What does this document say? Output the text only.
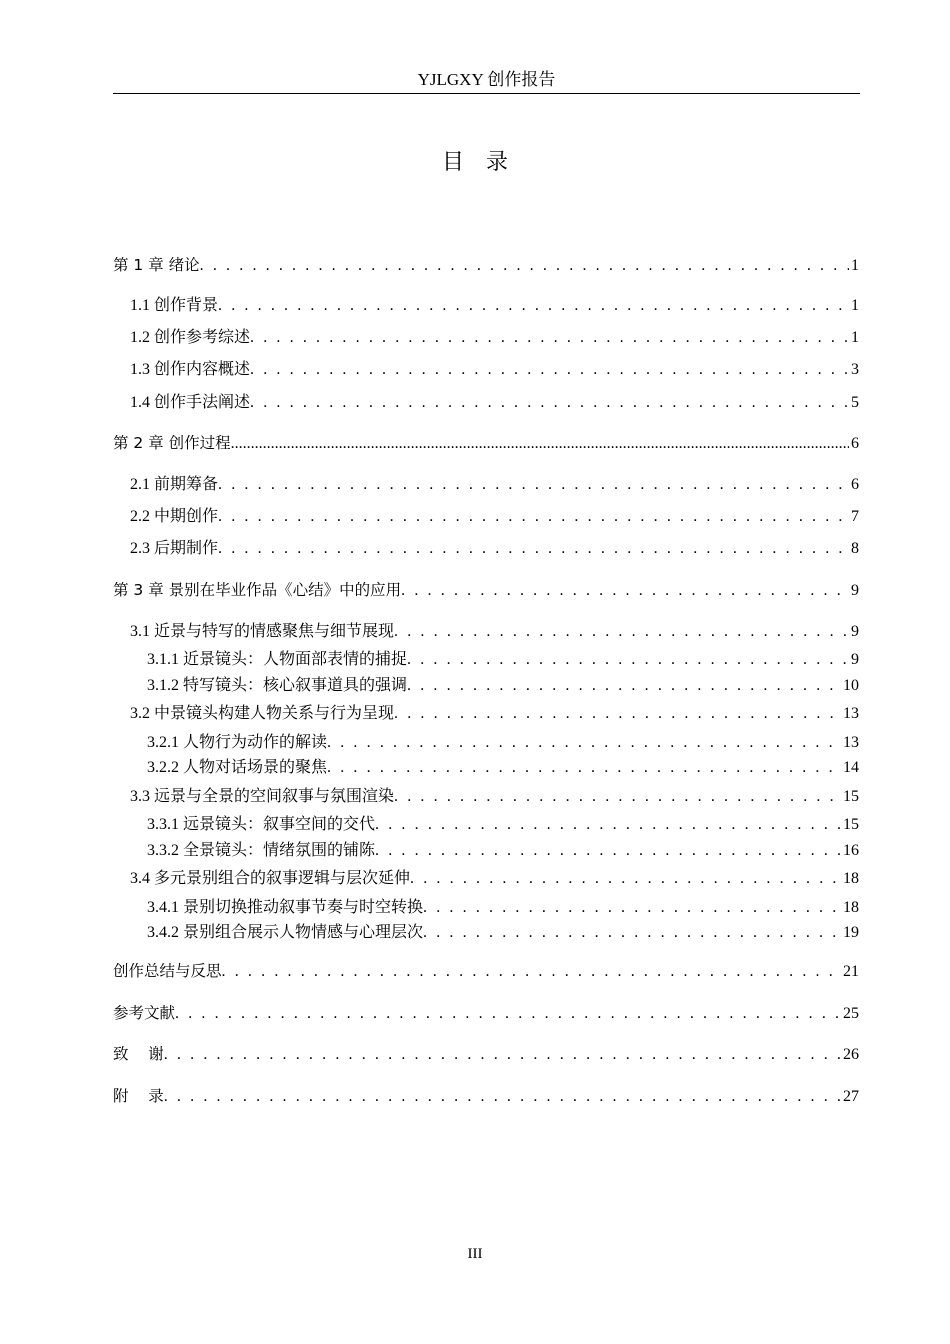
YJLGXY 创作报告
目录
第 1 章 绪论 . . .	1
1.1 创作背景 . . .	1
1.2 创作参考综述 . . .	1
1.3 创作内容概述 . . .	3
1.4 创作手法阐述 . . .	5
第 2 章 创作过程 .....	6
2.1 前期筹备 . . .	6
2.2 中期创作 . . .	7
2.3 后期制作 . . .	8
第 3 章 景别在毕业作品《心结》中的应用 . . .	9
3.1 近景与特写的情感聚焦与细节展现 . . .	9
3.1.1 近景镜头：人物面部表情的捕捉 . . .	9
3.1.2 特写镜头：核心叙事道具的强调 . . .	10
3.2 中景镜头构建人物关系与行为呈现 . . .	13
3.2.1 人物行为动作的解读 . . .	13
3.2.2 人物对话场景的聚焦 . . .	14
3.3 远景与全景的空间叙事与氛围渲染 . . .	15
3.3.1 远景镜头：叙事空间的交代 . . .	15
3.3.2 全景镜头：情绪氛围的铺陈 . . .	16
3.4 多元景别组合的叙事逻辑与层次延伸 . . .	18
3.4.1 景别切换推动叙事节奏与时空转换 . . .	18
3.4.2 景别组合展示人物情感与心理层次 . . .	19
创作总结与反思 . . .	21
参考文献 . . .	25
致    谢 . . .	26
附    录 . . .	27
III
